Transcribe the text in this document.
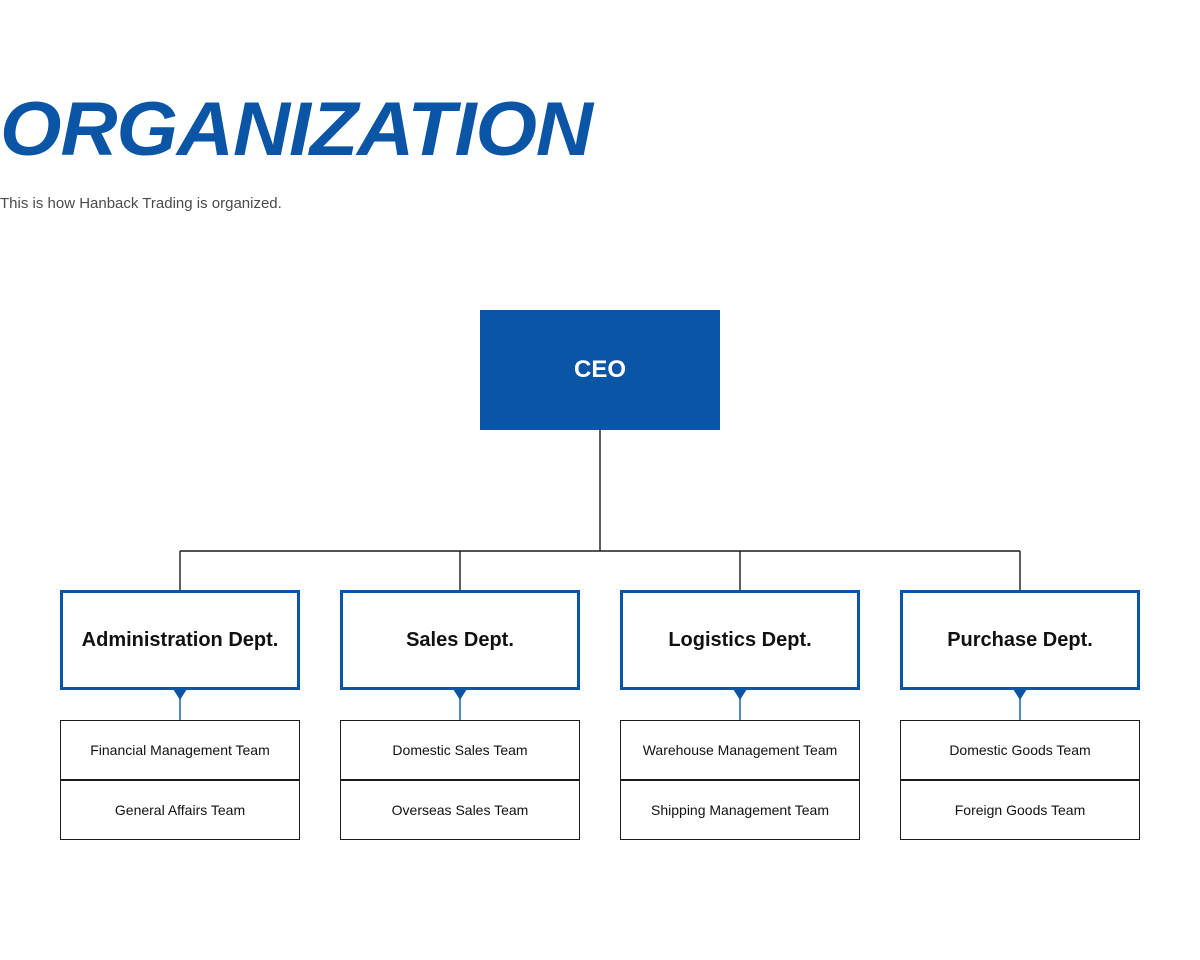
ORGANIZATION
This is how Hanback Trading is organized.
CEO
Administration Dept.	Sales Dept.	Logistics Dept.	Purchase Dept.
Financial Management Team
General Affairs Team
Domestic Sales Team
Overseas Sales Team
Warehouse Management Team
Shipping Management Team
Domestic Goods Team
Foreign Goods Team
